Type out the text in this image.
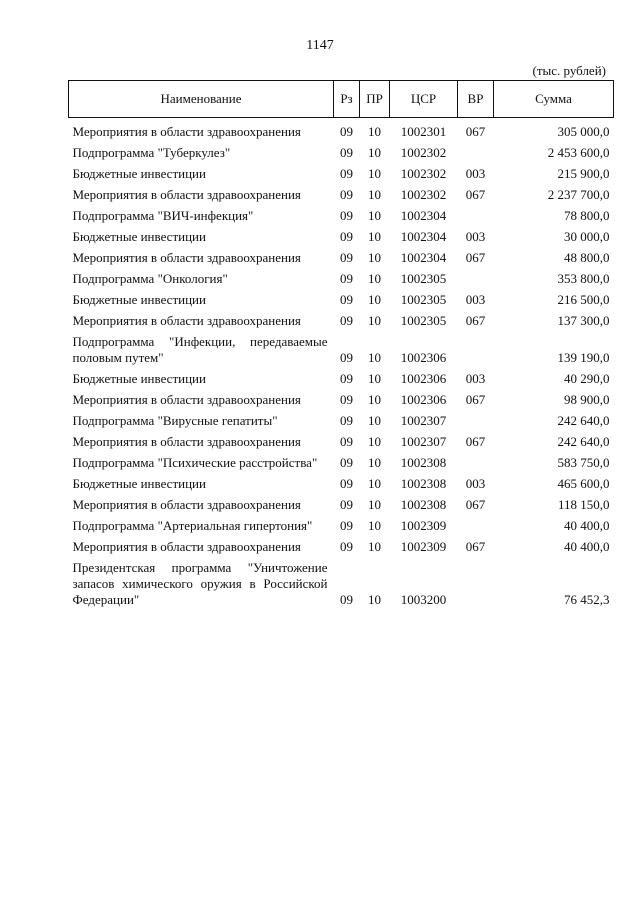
1147
(тыс. рублей)
Наименование	Рз	ПР	ЦСР	ВР	Сумма
Мероприятия в области здравоохранения	09	10	1002301	067	305 000,0
Подпрограмма "Туберкулез"	09	10	1002302		2 453 600,0
Бюджетные инвестиции	09	10	1002302	003	215 900,0
Мероприятия в области здравоохранения	09	10	1002302	067	2 237 700,0
Подпрограмма "ВИЧ-инфекция"	09	10	1002304		78 800,0
Бюджетные инвестиции	09	10	1002304	003	30 000,0
Мероприятия в области здравоохранения	09	10	1002304	067	48 800,0
Подпрограмма "Онкология"	09	10	1002305		353 800,0
Бюджетные инвестиции	09	10	1002305	003	216 500,0
Мероприятия в области здравоохранения	09	10	1002305	067	137 300,0
Подпрограмма "Инфекции, передаваемые половым путем"	09	10	1002306		139 190,0
Бюджетные инвестиции	09	10	1002306	003	40 290,0
Мероприятия в области здравоохранения	09	10	1002306	067	98 900,0
Подпрограмма "Вирусные гепатиты"	09	10	1002307		242 640,0
Мероприятия в области здравоохранения	09	10	1002307	067	242 640,0
Подпрограмма "Психические расстройства"	09	10	1002308		583 750,0
Бюджетные инвестиции	09	10	1002308	003	465 600,0
Мероприятия в области здравоохранения	09	10	1002308	067	118 150,0
Подпрограмма "Артериальная гипертония"	09	10	1002309		40 400,0
Мероприятия в области здравоохранения	09	10	1002309	067	40 400,0
Президентская программа "Уничтожение запасов химического оружия в Российской Федерации"	09	10	1003200		76 452,3
